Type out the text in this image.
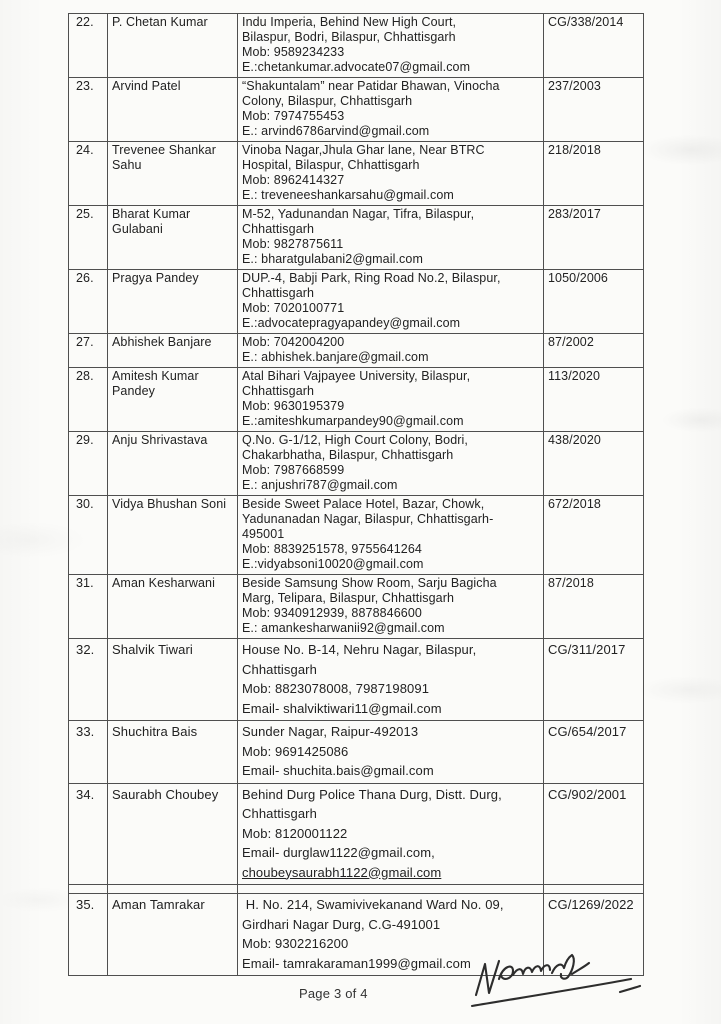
22.	P. Chetan Kumar	Indu Imperia, Behind New High Court,
Bilaspur, Bodri, Bilaspur, Chhattisgarh
Mob: 9589234233
E.:chetankumar.advocate07@gmail.com
	CG/338/2014
23.	Arvind Patel	“Shakuntalam” near Patidar Bhawan, Vinocha
Colony, Bilaspur, Chhattisgarh
Mob: 7974755453
E.: arvind6786arvind@gmail.com
	237/2003
24.	Trevenee Shankar Sahu	
Vinoba Nagar,Jhula Ghar lane, Near BTRC
Hospital, Bilaspur, Chhattisgarh
Mob: 8962414327
E.: treveneeshankarsahu@gmail.com
	218/2018
25.	Bharat Kumar Gulabani	
M-52, Yadunandan Nagar, Tifra, Bilaspur,
Chhattisgarh
Mob: 9827875611
E.: bharatgulabani2@gmail.com
	283/2017
26.	Pragya Pandey	DUP.-4, Babji Park, Ring Road No.2, Bilaspur,
Chhattisgarh
Mob: 7020100771
E.:advocatepragyapandey@gmail.com
	1050/2006
27.	Abhishek Banjare	Mob: 7042004200
E.: abhishek.banjare@gmail.com
	87/2002
28.	Amitesh Kumar Pandey	
Atal Bihari Vajpayee University, Bilaspur,
Chhattisgarh
Mob: 9630195379
E.:amiteshkumarpandey90@gmail.com
	113/2020
29.	Anju Shrivastava	Q.No. G-1/12, High Court Colony, Bodri,
Chakarbhatha, Bilaspur, Chhattisgarh
Mob: 7987668599
E.: anjushri787@gmail.com
	438/2020
30.	Vidya Bhushan Soni	Beside Sweet Palace Hotel, Bazar, Chowk,
Yadunanadan Nagar, Bilaspur, Chhattisgarh-
495001
Mob: 8839251578, 9755641264
E.:vidyabsoni10020@gmail.com
	672/2018
31.	Aman Kesharwani	Beside Samsung Show Room, Sarju Bagicha
Marg, Telipara, Bilaspur, Chhattisgarh
Mob: 9340912939, 8878846600
E.: amankesharwanii92@gmail.com
	87/2018
32.	Shalvik Tiwari	House No. B-14, Nehru Nagar, Bilaspur,
Chhattisgarh
Mob: 8823078008, 7987198091
Email- shalviktiwari11@gmail.com
	CG/311/2017
33.	Shuchitra Bais	Sunder Nagar, Raipur-492013
Mob: 9691425086
Email- shuchita.bais@gmail.com
	CG/654/2017
34.	Saurabh Choubey	Behind Durg Police Thana Durg, Distt. Durg,
Chhattisgarh
Mob: 8120001122
Email- durglaw1122@gmail.com,
choubeysaurabh1122@gmail.com
	CG/902/2001

35.	Aman Tamrakar	H. No. 214, Swamivivekanand Ward No. 09,
Girdhari Nagar Durg, C.G-491001
Mob: 9302216200
Email- tamrakaraman1999@gmail.com
	CG/1269/2022
Page 3 of 4
